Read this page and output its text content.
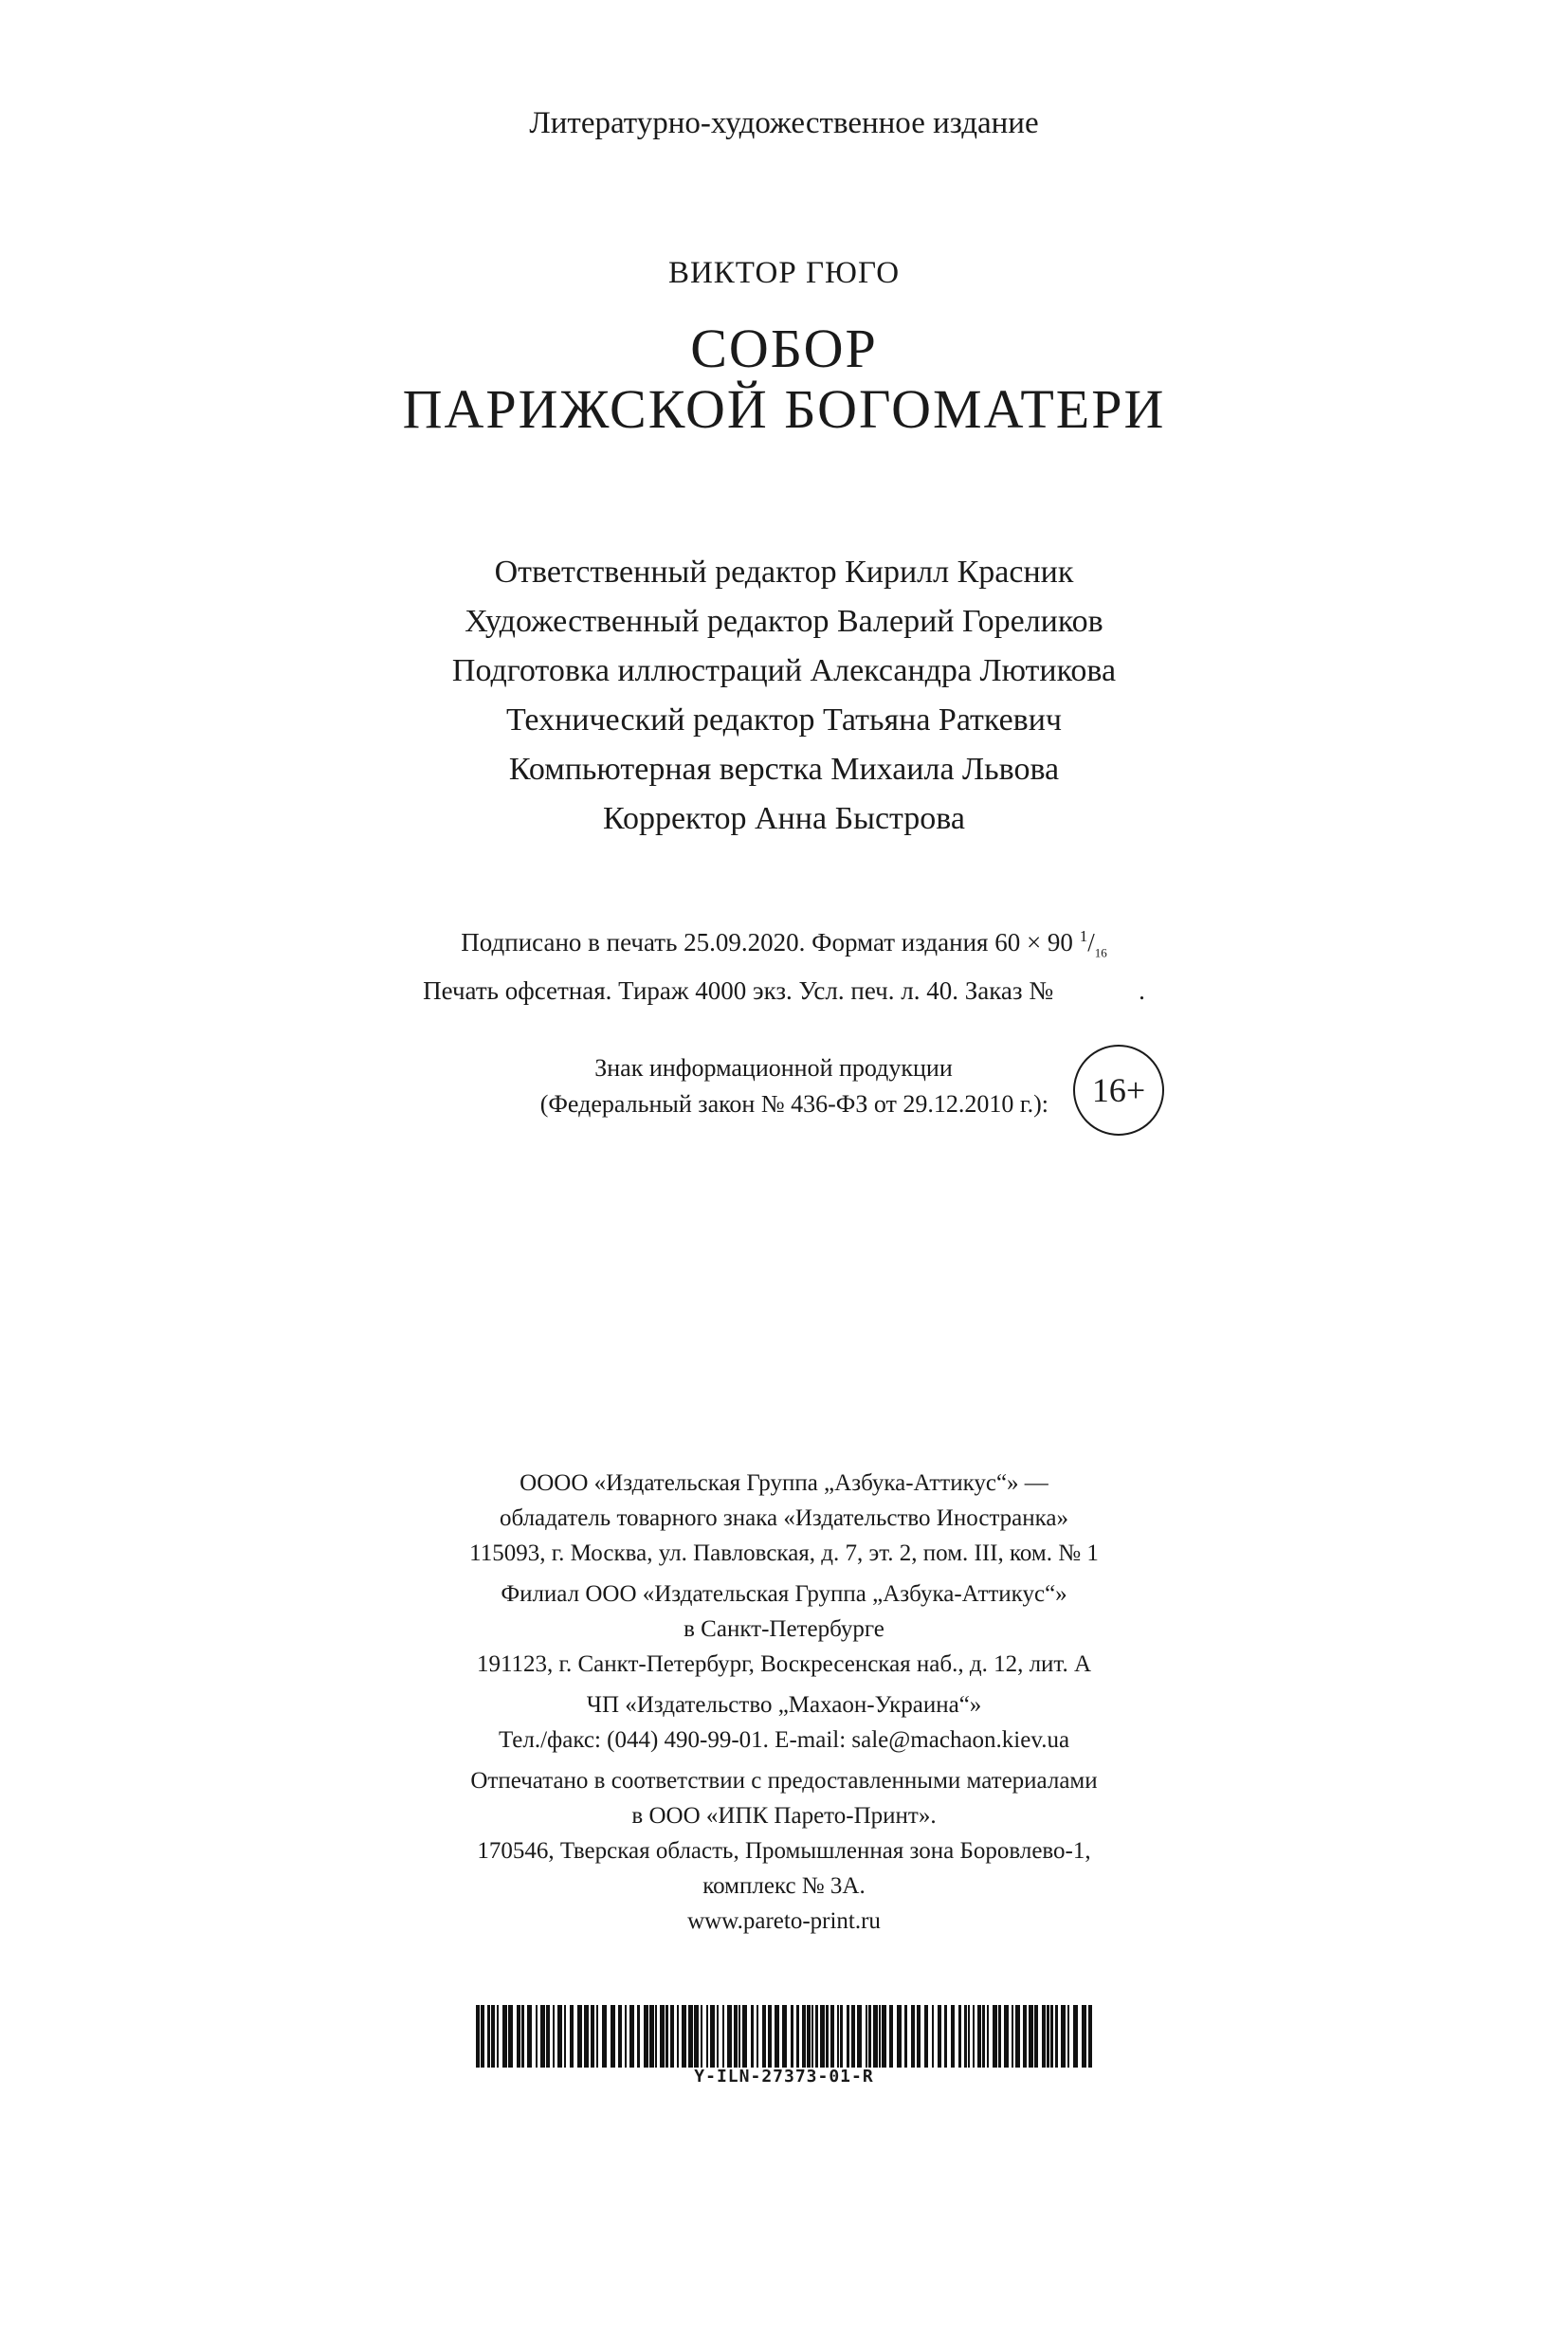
Литературно-художественное издание
ВИКТОР ГЮГО
СОБОР
ПАРИЖСКОЙ БОГОМАТЕРИ
Ответственный редактор Кирилл Красник
Художественный редактор Валерий Гореликов
Подготовка иллюстраций Александра Лютикова
Технический редактор Татьяна Раткевич
Компьютерная верстка Михаила Львова
Корректор Анна Быстрова
Подписано в печать 25.09.2020. Формат издания 60 × 90 $^1/_{16}$
Печать офсетная. Тираж 4000 экз. Усл. печ. л. 40. Заказ №	.
Знак информационной продукции
(Федеральный закон № 436-ФЗ от 29.12.2010 г.):	16+
ОООО «Издательская Группа „Азбука-Аттикус“» —
обладатель товарного знака «Издательство Иностранка»
115093, г. Москва, ул. Павловская, д. 7, эт. 2, пом. III, ком. № 1
Филиал ООО «Издательская Группа „Азбука-Аттикус“»
в Санкт-Петербурге
191123, г. Санкт-Петербург, Воскресенская наб., д. 12, лит. А
ЧП «Издательство „Махаон-Украина“»
Тел./факс: (044) 490-99-01. E-mail: sale@machaon.kiev.ua
Отпечатано в соответствии с предоставленными материалами
в ООО «ИПК Парето-Принт».
170546, Тверская область, Промышленная зона Боровлево-1,
комплекс № 3А.
www.pareto-print.ru
Y-ILN-27373-01-R
